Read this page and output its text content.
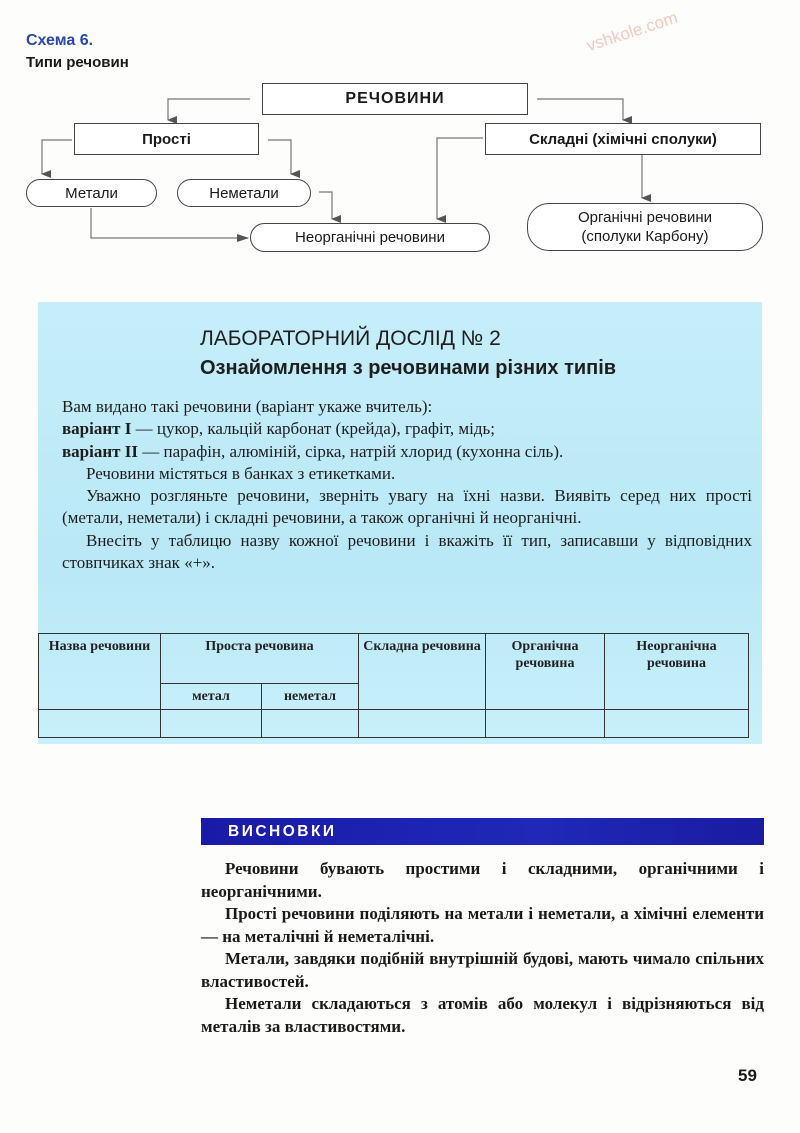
vshkole.com
Схема 6.
Типи речовин
РЕЧОВИНИ
Прості	Складні (хімічні сполуки)
Метали	Неметали
Неорганічні речовини
Органічні речовини
(сполуки Карбону)
ЛАБОРАТОРНИЙ ДОСЛІД № 2
Ознайомлення з речовинами різних типів

Вам видано такі речовини (варіант укаже вчитель):

варіант I — цукор, кальцій карбонат (крейда), графіт, мідь;

варіант II — парафін, алюміній, сірка, натрій хлорид (кухонна сіль).

Речовини містяться в банках з етикетками.

Уважно розгляньте речовини, зверніть увагу на їхні назви. Виявіть серед них прості (метали, неметали) і складні речовини, а також органічні й неорганічні.

Внесіть у таблицю назву кожної речовини і вкажіть її тип, записавши у відповідних стовпчиках знак «+».

Назва речовини	Проста речовина		Складна речовина	Органічна речовина	Неорганічна речовина
	метал	неметал			

ВИСНОВКИ

Речовини бувають простими і складними, органічними і неорганічними.

Прості речовини поділяють на метали і неметали, а хімічні елементи — на металічні й неметалічні.

Метали, завдяки подібній внутрішній будові, мають чимало спільних властивостей.

Неметали складаються з атомів або молекул і відрізняються від металів за властивостями.

59
